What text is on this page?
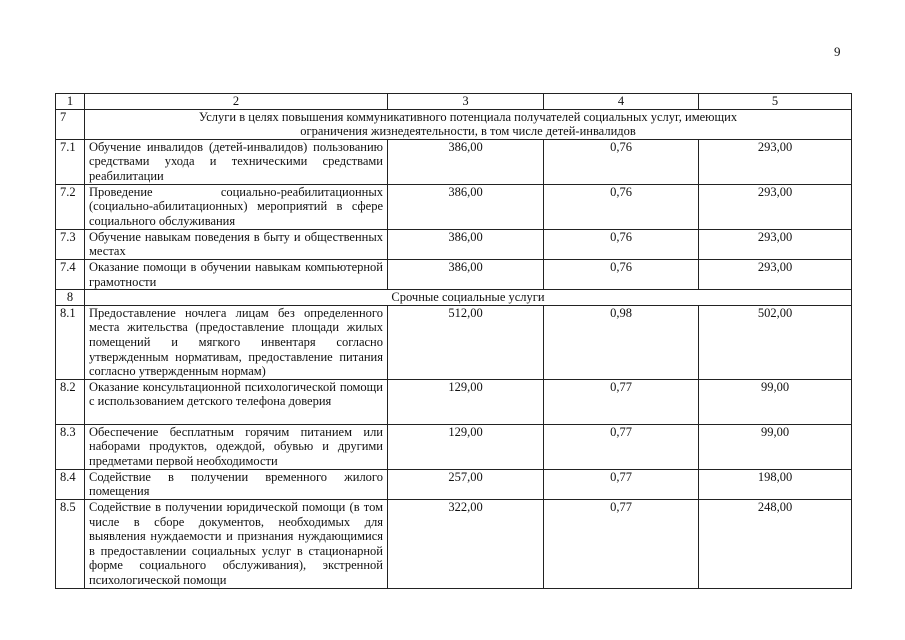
9
1	2	3	4	5
7	Услуги в целях повышения коммуникативного потенциала получателей социальных услуг, имеющих ограничения жизнедеятельности, в том числе детей-инвалидов			
7.1	Обучение инвалидов (детей-инвалидов) пользованию средствами ухода и техническими средствами реабилитации	386,00	0,76	293,00
7.2	Проведение социально-реабилитационных (социально-абилитационных) мероприятий в сфере социального обслуживания	386,00	0,76	293,00
7.3	Обучение навыкам поведения в быту и общественных местах	386,00	0,76	293,00
7.4	Оказание помощи в обучении навыкам компьютерной грамотности	386,00	0,76	293,00
8	Срочные социальные услуги			
8.1	Предоставление ночлега лицам без определенного места жительства (предоставление площади жилых помещений и мягкого инвентаря согласно утвержденным нормативам, предоставление питания согласно утвержденным нормам)	512,00	0,98	502,00
8.2	Оказание консультационной психологической помощи с использованием детского телефона доверия	129,00	0,77	99,00
8.3	Обеспечение бесплатным горячим питанием или наборами продуктов, одеждой, обувью и другими предметами первой необходимости	129,00	0,77	99,00
8.4	Содействие в получении временного жилого помещения	257,00	0,77	198,00
8.5	Содействие в получении юридической помощи (в том числе в сборе документов, необходимых для выявления нуждаемости и признания нуждающимися в предоставлении социальных услуг в стационарной форме социального обслуживания), экстренной психологической помощи	322,00	0,77	248,00
